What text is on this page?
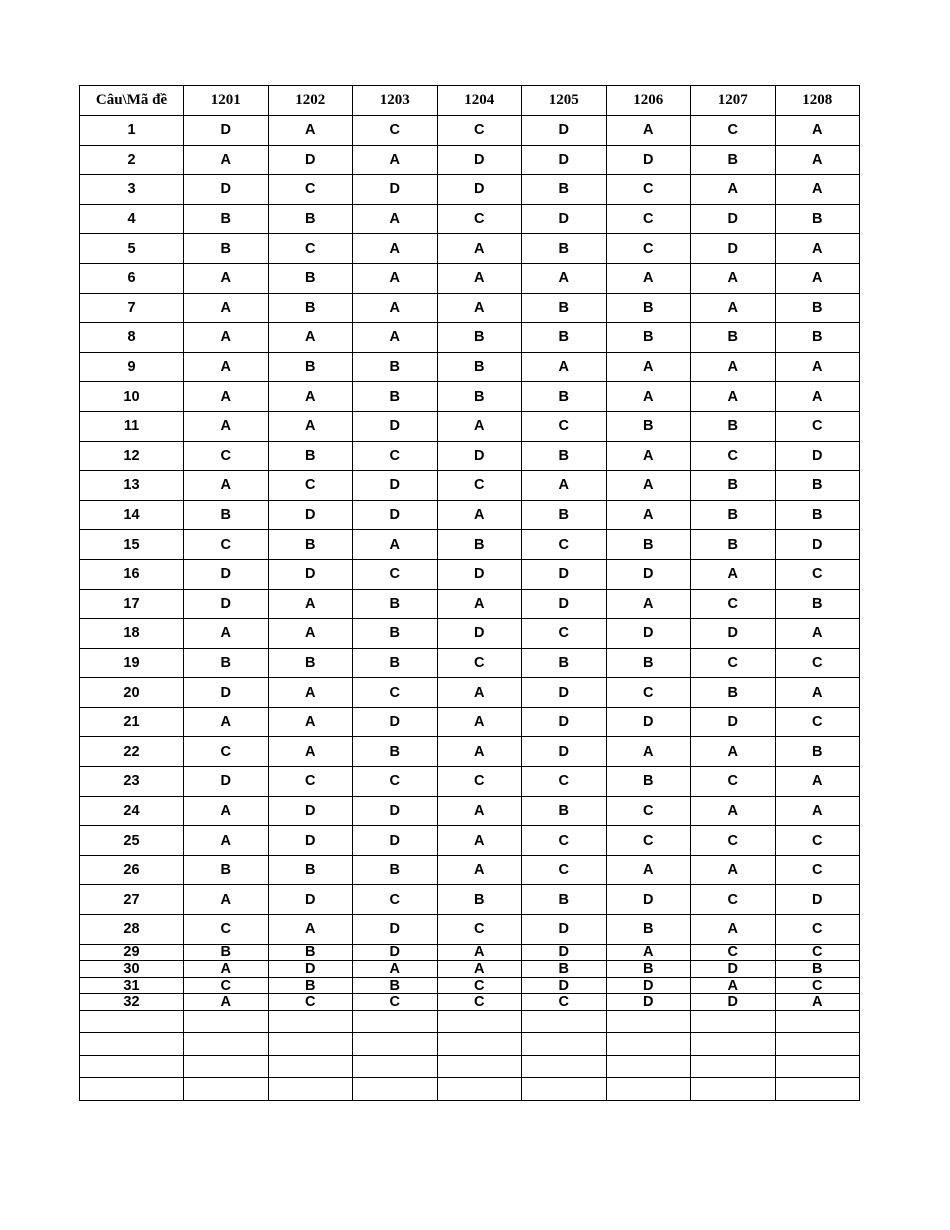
Câu\Mã đề	1201	1202	1203	1204	1205	1206	1207	1208
1	D	A	C	C	D	A	C	A
2	A	D	A	D	D	D	B	A
3	D	C	D	D	B	C	A	A
4	B	B	A	C	D	C	D	B
5	B	C	A	A	B	C	D	A
6	A	B	A	A	A	A	A	A
7	A	B	A	A	B	B	A	B
8	A	A	A	B	B	B	B	B
9	A	B	B	B	A	A	A	A
10	A	A	B	B	B	A	A	A
11	A	A	D	A	C	B	B	C
12	C	B	C	D	B	A	C	D
13	A	C	D	C	A	A	B	B
14	B	D	D	A	B	A	B	B
15	C	B	A	B	C	B	B	D
16	D	D	C	D	D	D	A	C
17	D	A	B	A	D	A	C	B
18	A	A	B	D	C	D	D	A
19	B	B	B	C	B	B	C	C
20	D	A	C	A	D	C	B	A
21	A	A	D	A	D	D	D	C
22	C	A	B	A	D	A	A	B
23	D	C	C	C	C	B	C	A
24	A	D	D	A	B	C	A	A
25	A	D	D	A	C	C	C	C
26	B	B	B	A	C	A	A	C
27	A	D	C	B	B	D	C	D
28	C	A	D	C	D	B	A	C
29	B	B	D	A	D	A	C	C
30	A	D	A	A	B	B	D	B
31	C	B	B	C	D	D	A	C
32	A	C	C	C	C	D	D	A
